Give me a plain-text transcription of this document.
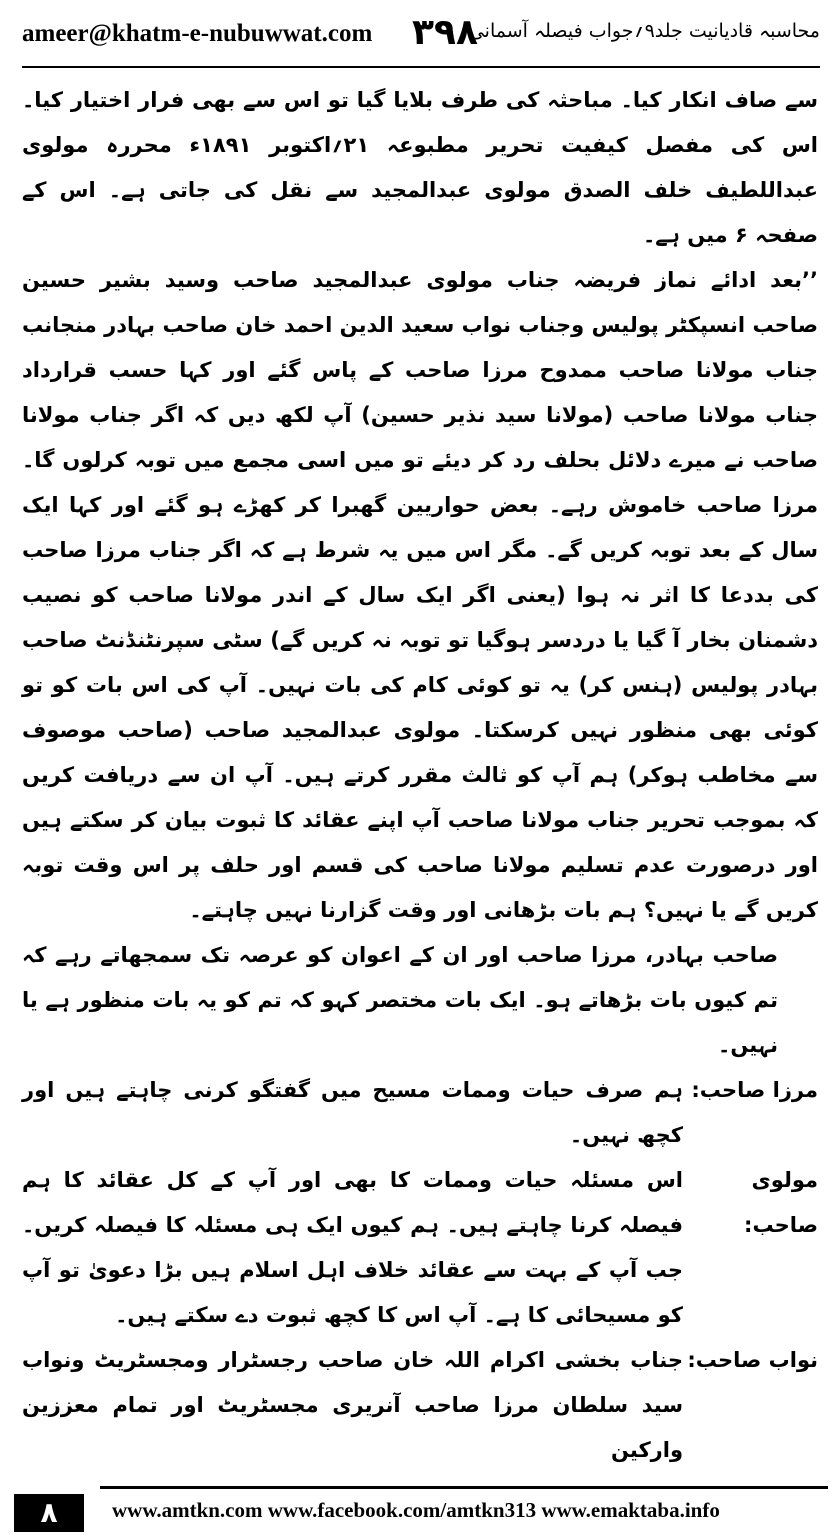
ameer@khatm-e-nubuwwat.com ۳۹۸
محاسبہ قادیانیت جلد۹؍جواب فیصلہ آسمانی

سے صاف انکار کیا۔ مباحثہ کی طرف بلایا گیا تو اس سے بھی فرار اختیار کیا۔ اس کی مفصل کیفیت تحریر مطبوعہ ۲۱؍اکتوبر ۱۸۹۱ء محررہ مولوی عبداللطیف خلف الصدق مولوی عبدالمجید سے نقل کی جاتی ہے۔ اس کے صفحہ ۶ میں ہے۔

’’بعد ادائے نماز فریضہ جناب مولوی عبدالمجید صاحب وسید بشیر حسین صاحب انسپکٹر پولیس وجناب نواب سعید الدین احمد خان صاحب بہادر منجانب جناب مولانا صاحب ممدوح مرزا صاحب کے پاس گئے اور کہا حسب قرارداد جناب مولانا صاحب (مولانا سید نذیر حسین) آپ لکھ دیں کہ اگر جناب مولانا صاحب نے میرے دلائل بحلف رد کر دیئے تو میں اسی مجمع میں توبہ کرلوں گا۔ مرزا صاحب خاموش رہے۔ بعض حواریین گھبرا کر کھڑے ہو گئے اور کہا ایک سال کے بعد توبہ کریں گے۔ مگر اس میں یہ شرط ہے کہ اگر جناب مرزا صاحب کی بددعا کا اثر نہ ہوا (یعنی اگر ایک سال کے اندر مولانا صاحب کو نصیب دشمنان بخار آ گیا یا دردسر ہوگیا تو توبہ نہ کریں گے) سٹی سپرنٹنڈنٹ صاحب بہادر پولیس (ہنس کر) یہ تو کوئی کام کی بات نہیں۔ آپ کی اس بات کو تو کوئی بھی منظور نہیں کرسکتا۔ مولوی عبدالمجید صاحب (صاحب موصوف سے مخاطب ہوکر) ہم آپ کو ثالث مقرر کرتے ہیں۔ آپ ان سے دریافت کریں کہ بموجب تحریر جناب مولانا صاحب آپ اپنے عقائد کا ثبوت بیان کر سکتے ہیں اور درصورت عدم تسلیم مولانا صاحب کی قسم اور حلف پر اس وقت توبہ کریں گے یا نہیں؟ ہم بات بڑھانی اور وقت گزارنا نہیں چاہتے۔

صاحب بہادر، مرزا صاحب اور ان کے اعوان کو عرصہ تک سمجھاتے رہے کہ تم کیوں بات بڑھاتے ہو۔ ایک بات مختصر کہو کہ تم کو یہ بات منظور ہے یا نہیں۔

مرزا صاحب:
ہم صرف حیات وممات مسیح میں گفتگو کرنی چاہتے ہیں اور کچھ نہیں۔
مولوی صاحب:
اس مسئلہ حیات وممات کا بھی اور آپ کے کل عقائد کا ہم فیصلہ کرنا چاہتے ہیں۔ ہم کیوں ایک ہی مسئلہ کا فیصلہ کریں۔ جب آپ کے بہت سے عقائد خلاف اہل اسلام ہیں بڑا دعویٰ تو آپ کو مسیحائی کا ہے۔ آپ اس کا کچھ ثبوت دے سکتے ہیں۔
نواب صاحب:
جناب بخشی اکرام اللہ خان صاحب رجسٹرار ومجسٹریٹ ونواب سید سلطان مرزا صاحب آنریری مجسٹریٹ اور تمام معززین وارکین
۸	www.amtkn.com www.facebook.com/amtkn313 www.emaktaba.info
